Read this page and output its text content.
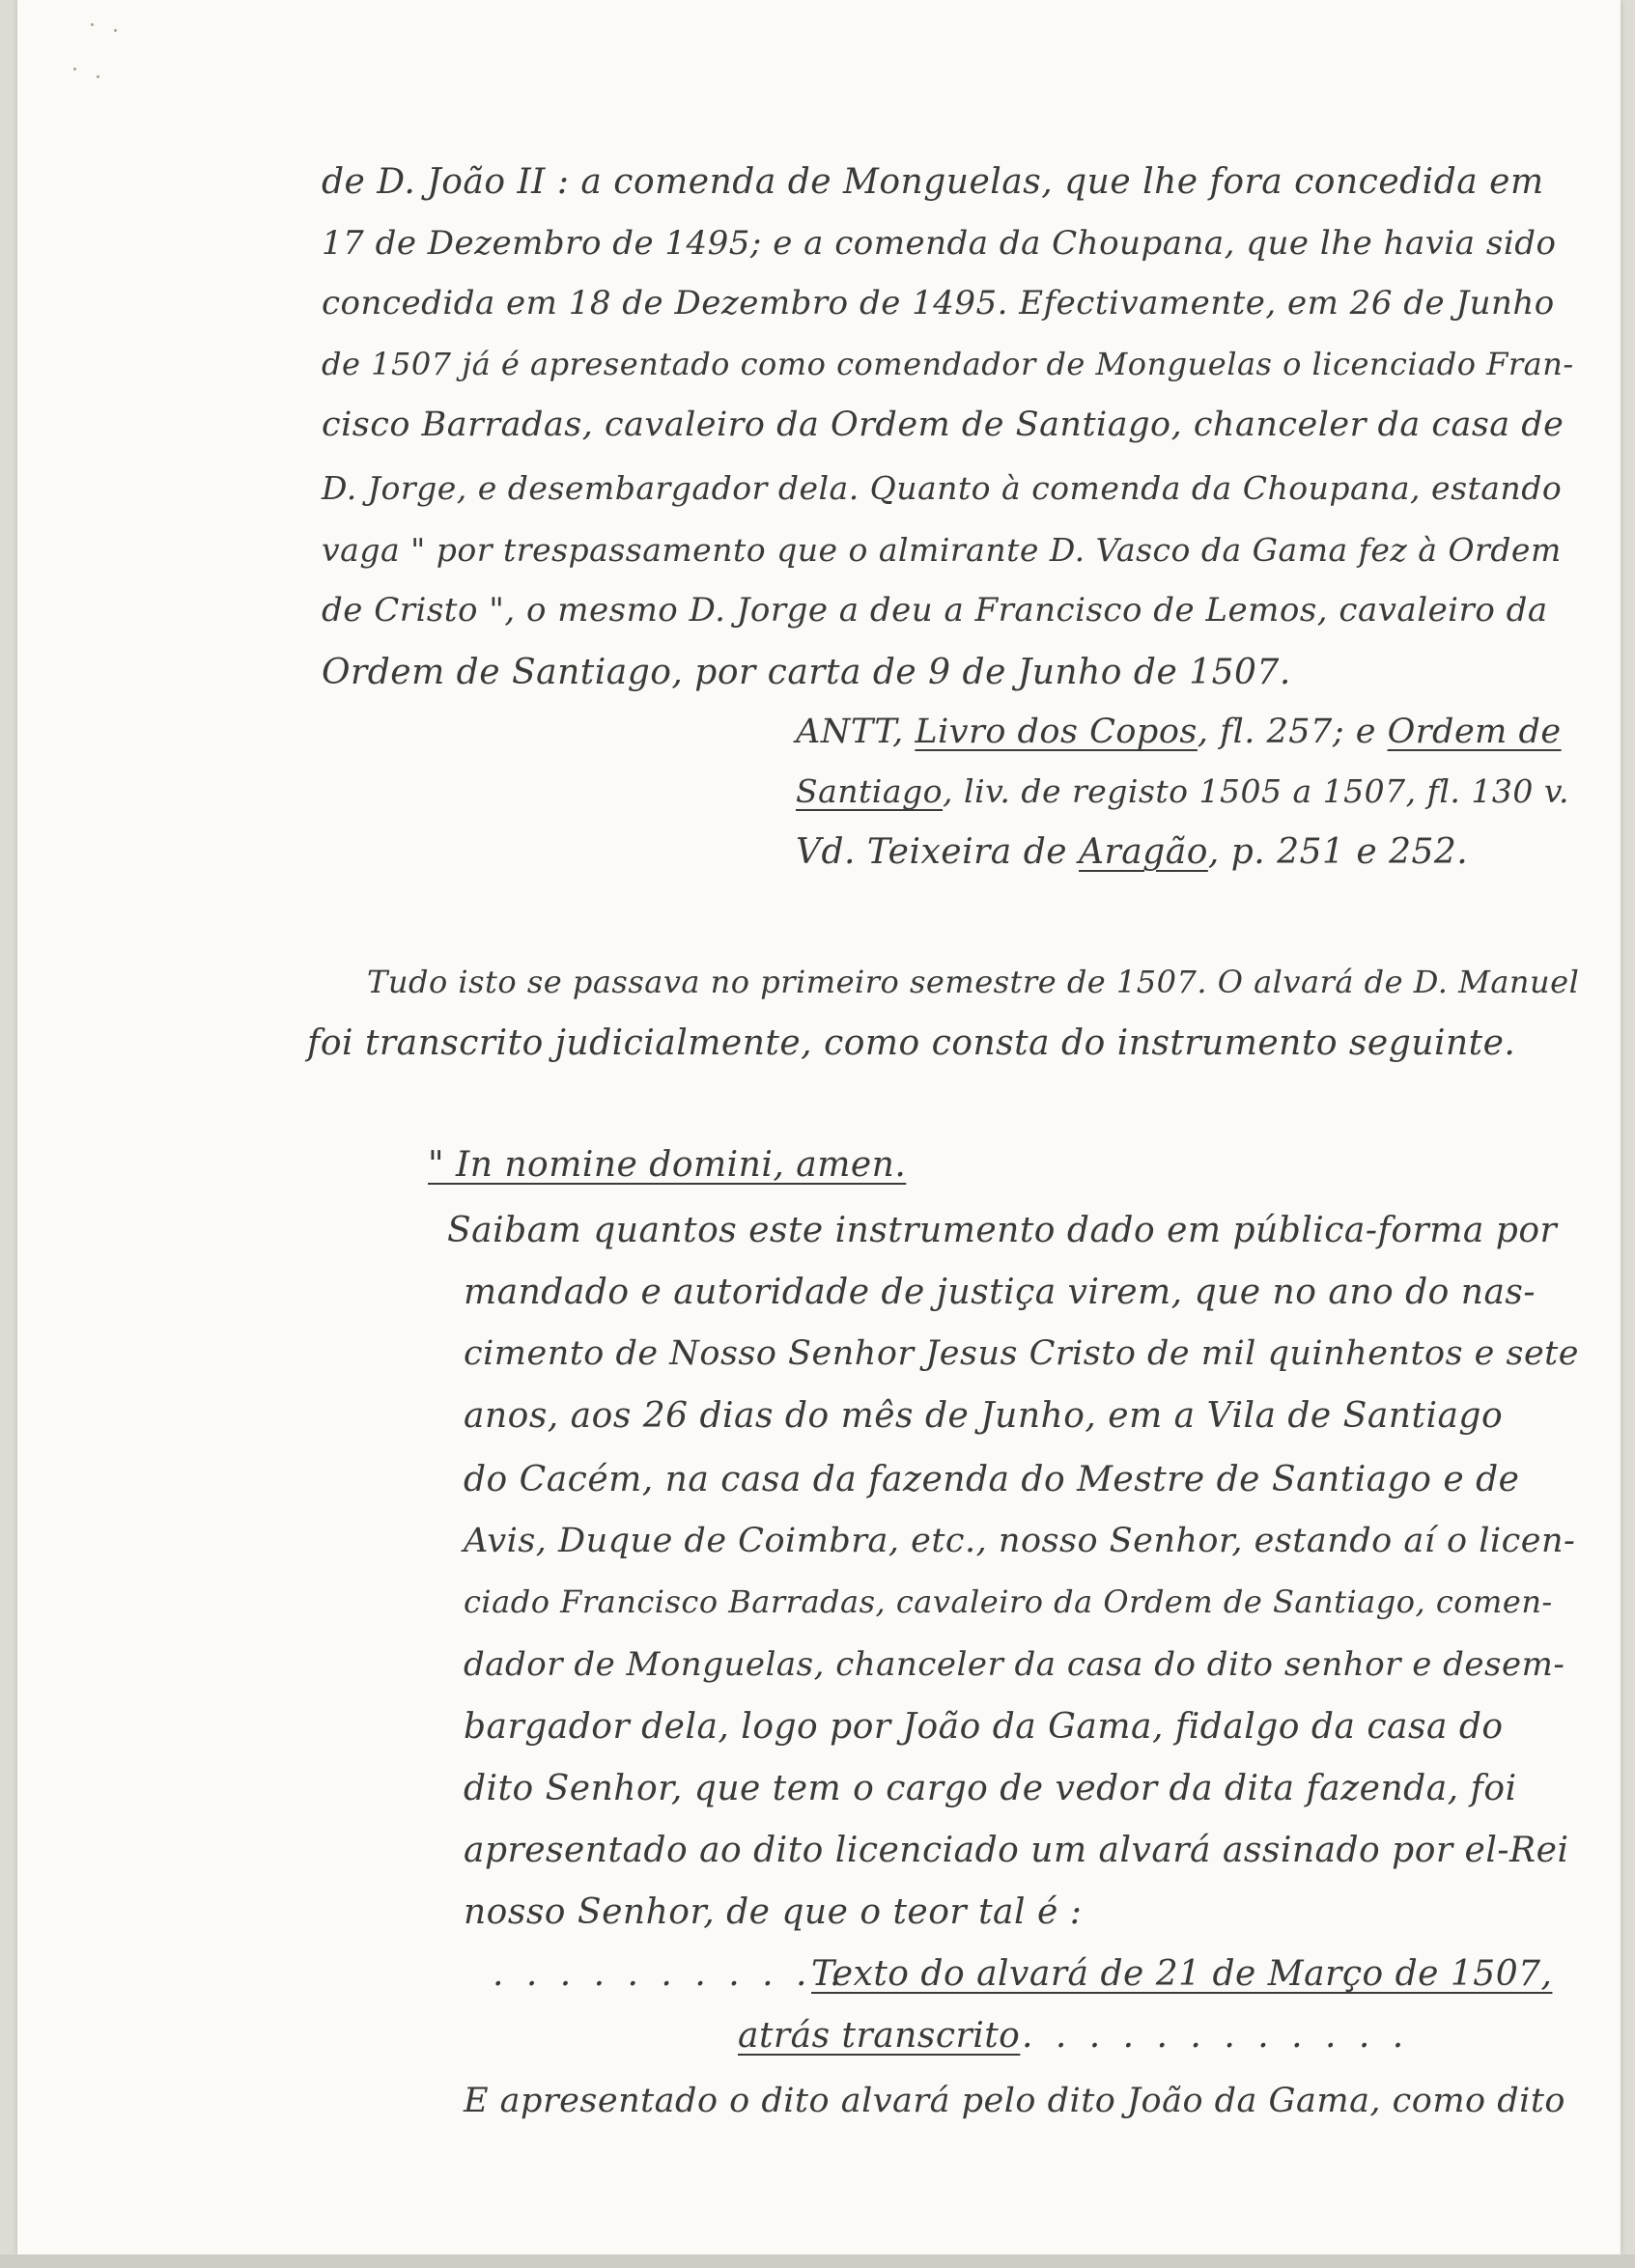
de D. João II : a comenda de Monguelas, que lhe fora concedida em
17 de Dezembro de 1495; e a comenda da Choupana, que lhe havia sido
concedida em 18 de Dezembro de 1495. Efectivamente, em 26 de Junho
de 1507 já é apresentado como comendador de Monguelas o licenciado Fran-
cisco Barradas, cavaleiro da Ordem de Santiago, chanceler da casa de
D. Jorge, e desembargador dela. Quanto à comenda da Choupana, estando
vaga " por trespassamento que o almirante D. Vasco da Gama fez à Ordem
de Cristo ", o mesmo D. Jorge a deu a Francisco de Lemos, cavaleiro da
Ordem de Santiago, por carta de 9 de Junho de 1507.
ANTT, Livro dos Copos, fl. 257; e Ordem de
Santiago, liv. de registo 1505 a 1507, fl. 130 v.
Vd. Teixeira de Aragão, p. 251 e 252.
Tudo isto se passava no primeiro semestre de 1507. O alvará de D. Manuel
foi transcrito judicialmente, como consta do instrumento seguinte.
" In nomine domini, amen.
Saibam quantos este instrumento dado em pública-forma por
mandado e autoridade de justiça virem, que no ano do nas-
cimento de Nosso Senhor Jesus Cristo de mil quinhentos e sete
anos, aos 26 dias do mês de Junho, em a Vila de Santiago
do Cacém, na casa da fazenda do Mestre de Santiago e de
Avis, Duque de Coimbra, etc., nosso Senhor, estando aí o licen-
ciado Francisco Barradas, cavaleiro da Ordem de Santiago, comen-
dador de Monguelas, chanceler da casa do dito senhor e desem-
bargador dela, logo por João da Gama, fidalgo da casa do
dito Senhor, que tem o cargo de vedor da dita fazenda, foi
apresentado ao dito licenciado um alvará assinado por el-Rei
nosso Senhor, de que o teor tal é :
. . . . . . . . . . .
Texto do alvará de 21 de Março de 1507,
atrás transcrito . . . . . . . . . . . .
E apresentado o dito alvará pelo dito João da Gama, como dito
